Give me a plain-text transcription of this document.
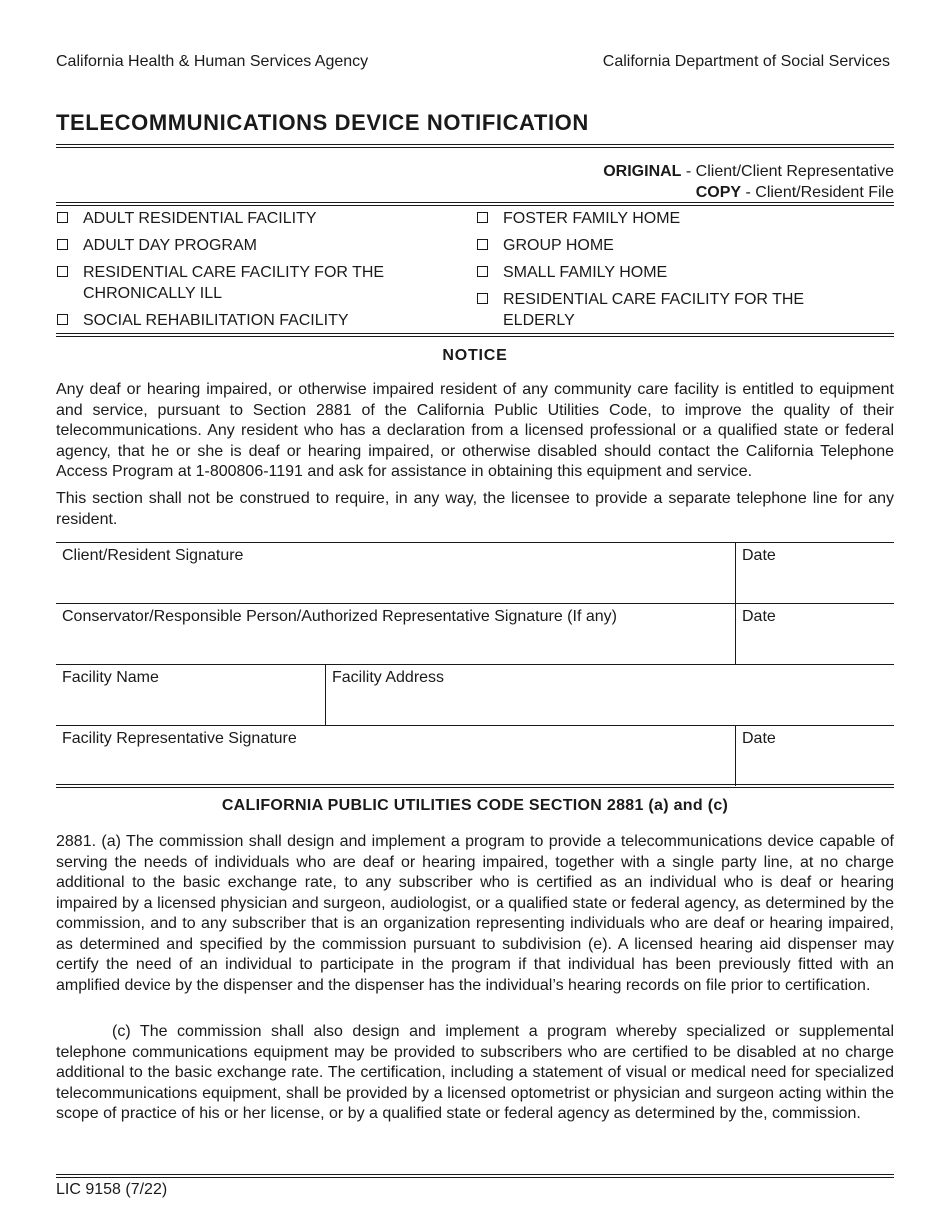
California Health & Human Services Agency	California Department of Social Services
TELECOMMUNICATIONS DEVICE NOTIFICATION
ORIGINAL - Client/Client Representative
COPY - Client/Resident File
ADULT RESIDENTIAL FACILITY
ADULT DAY PROGRAM
RESIDENTIAL CARE FACILITY FOR THE CHRONICALLY ILL
SOCIAL REHABILITATION FACILITY
FOSTER FAMILY HOME
GROUP HOME
SMALL FAMILY HOME
RESIDENTIAL CARE FACILITY FOR THE ELDERLY
NOTICE

Any deaf or hearing impaired, or otherwise impaired resident of any community care facility is entitled to equipment and service, pursuant to Section 2881 of the California Public Utilities Code, to improve the quality of their telecommunications. Any resident who has a declaration from a licensed professional or a qualified state or federal agency, that he or she is deaf or hearing impaired, or otherwise disabled should contact the California Telephone Access Program at 1-800806-1191 and ask for assistance in obtaining this equipment and service.

This section shall not be construed to require, in any way, the licensee to provide a separate telephone line for any resident.

Client/Resident Signature	Date
Conservator/Responsible Person/Authorized Representative Signature (If any)	Date
Facility Name	Facility Address
Facility Representative Signature	Date
CALIFORNIA PUBLIC UTILITIES CODE SECTION 2881 (a) and (c)

2881. (a) The commission shall design and implement a program to provide a telecommunications device capable of serving the needs of individuals who are deaf or hearing impaired, together with a single party line, at no charge additional to the basic exchange rate, to any subscriber who is certified as an individual who is deaf or hearing impaired by a licensed physician and surgeon, audiologist, or a qualified state or federal agency, as determined by the commission, and to any subscriber that is an organization representing individuals who are deaf or hearing impaired, as determined and specified by the commission pursuant to subdivision (e). A licensed hearing aid dispenser may certify the need of an individual to participate in the program if that individual has been previously fitted with an amplified device by the dispenser and the dispenser has the individual’s hearing records on file prior to certification.

(c) The commission shall also design and implement a program whereby specialized or supplemental telephone communications equipment may be provided to subscribers who are certified to be disabled at no charge additional to the basic exchange rate. The certification, including a statement of visual or medical need for specialized telecommunications equipment, shall be provided by a licensed optometrist or physician and surgeon acting within the scope of practice of his or her license, or by a qualified state or federal agency as determined by the, commission.

LIC 9158 (7/22)
